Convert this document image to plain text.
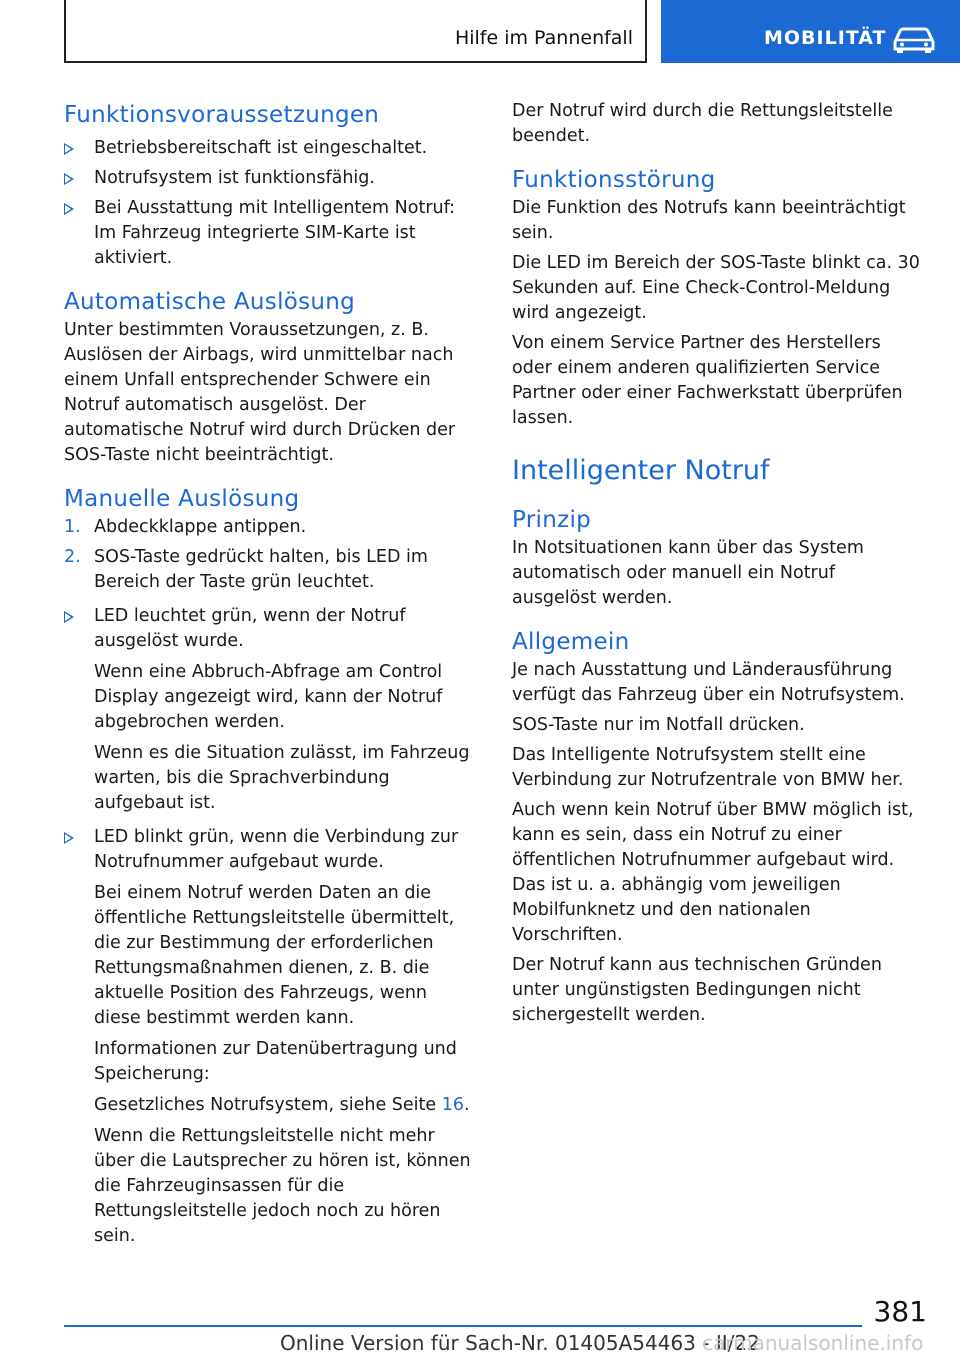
Hilfe im Pannenfall	MOBILITÄT
Funktionsvoraussetzungen
Betriebsbereitschaft ist eingeschaltet.
Notrufsystem ist funktionsfähig.
Bei Ausstattung mit Intelligentem Notruf: Im Fahrzeug integrierte SIM-Karte ist aktiviert.
Automatische Auslösung

Unter bestimmten Voraussetzungen, z. B. Auslösen der Airbags, wird unmittelbar nach einem Unfall entsprechender Schwere ein Notruf automatisch ausgelöst. Der automatische Notruf wird durch Drücken der SOS-Taste nicht beeinträchtigt.

Manuelle Auslösung
1. Abdeckklappe antippen.
2. SOS-Taste gedrückt halten, bis LED im Bereich der Taste grün leuchtet.
LED leuchtet grün, wenn der Notruf ausgelöst wurde.

Wenn eine Abbruch-Abfrage am Control Display angezeigt wird, kann der Notruf abgebrochen werden.

Wenn es die Situation zulässt, im Fahrzeug warten, bis die Sprachverbindung aufgebaut ist.

LED blinkt grün, wenn die Verbindung zur Notrufnummer aufgebaut wurde.

Bei einem Notruf werden Daten an die öffentliche Rettungsleitstelle übermittelt, die zur Bestimmung der erforderlichen Rettungsmaßnahmen dienen, z. B. die aktuelle Position des Fahrzeugs, wenn diese bestimmt werden kann.

Informationen zur Datenübertragung und Speicherung:

Gesetzliches Notrufsystem, siehe Seite 16.

Wenn die Rettungsleitstelle nicht mehr über die Lautsprecher zu hören ist, können die Fahrzeuginsassen für die Rettungsleitstelle jedoch noch zu hören sein.

Der Notruf wird durch die Rettungsleitstelle beendet.

Funktionsstörung

Die Funktion des Notrufs kann beeinträchtigt sein.

Die LED im Bereich der SOS-Taste blinkt ca. 30 Sekunden auf. Eine Check-Control-Meldung wird angezeigt.

Von einem Service Partner des Herstellers oder einem anderen qualifizierten Service Partner oder einer Fachwerkstatt überprüfen lassen.

Intelligenter Notruf
Prinzip

In Notsituationen kann über das System automatisch oder manuell ein Notruf ausgelöst werden.

Allgemein

Je nach Ausstattung und Länderausführung verfügt das Fahrzeug über ein Notrufsystem.

SOS-Taste nur im Notfall drücken.

Das Intelligente Notrufsystem stellt eine Verbindung zur Notrufzentrale von BMW her.

Auch wenn kein Notruf über BMW möglich ist, kann es sein, dass ein Notruf zu einer öffentlichen Notrufnummer aufgebaut wird. Das ist u. a. abhängig vom jeweiligen Mobilfunknetz und den nationalen Vorschriften.

Der Notruf kann aus technischen Gründen unter ungünstigsten Bedingungen nicht sichergestellt werden.

381
Online Version für Sach-Nr. 01405A54463 - II/22
carmanualsonline.info
